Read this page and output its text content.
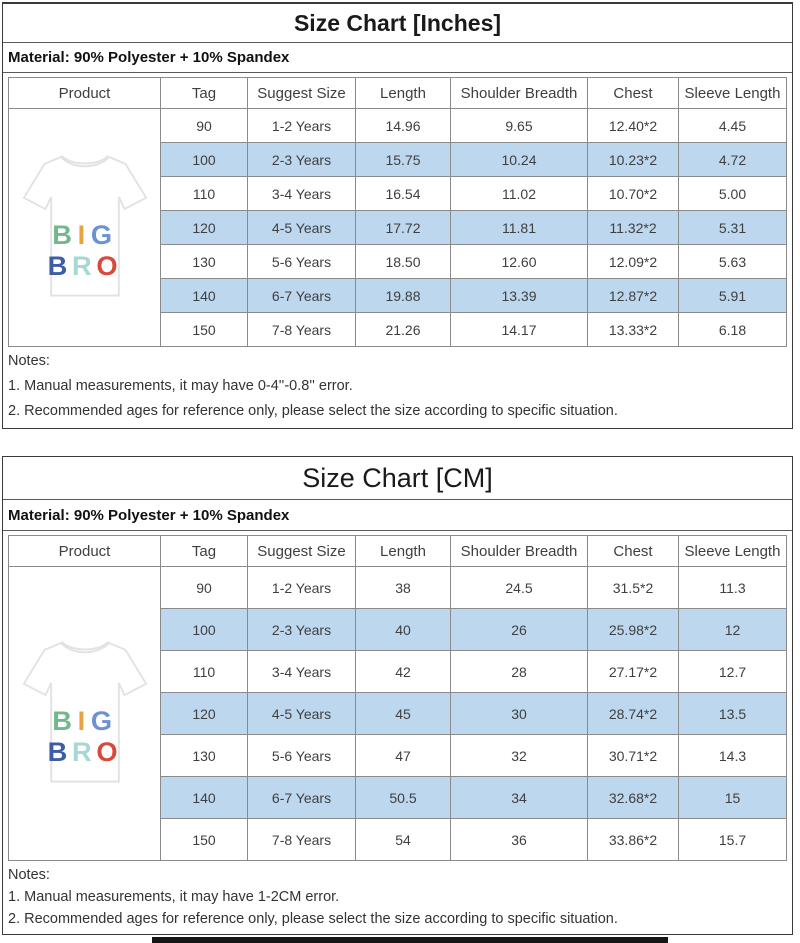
Size Chart [Inches]
Material: 90% Polyester + 10% Spandex
Product	Tag	Suggest Size	Length	Shoulder Breadth	Chest	Sleeve Length

BIG
BRO	90	1-2 Years	14.96	9.65	12.40*2	4.45
	100	2-3 Years	15.75	10.24	10.23*2	4.72
	110	3-4 Years	16.54	11.02	10.70*2	5.00
	120	4-5 Years	17.72	11.81	11.32*2	5.31
	130	5-6 Years	18.50	12.60	12.09*2	5.63
	140	6-7 Years	19.88	13.39	12.87*2	5.91
	150	7-8 Years	21.26	14.17	13.33*2	6.18
Notes:
1. Manual measurements, it may have 0-4''-0.8'' error.
2. Recommended ages for reference only, please select the size according to specific situation.
Size Chart [CM]
Material: 90% Polyester + 10% Spandex
Product	Tag	Suggest Size	Length	Shoulder Breadth	Chest	Sleeve Length

BIG
BRO	90	1-2 Years	38	24.5	31.5*2	11.3
	100	2-3 Years	40	26	25.98*2	12
	110	3-4 Years	42	28	27.17*2	12.7
	120	4-5 Years	45	30	28.74*2	13.5
	130	5-6 Years	47	32	30.71*2	14.3
	140	6-7 Years	50.5	34	32.68*2	15
	150	7-8 Years	54	36	33.86*2	15.7
Notes:
1. Manual measurements, it may have 1-2CM error.
2. Recommended ages for reference only, please select the size according to specific situation.
